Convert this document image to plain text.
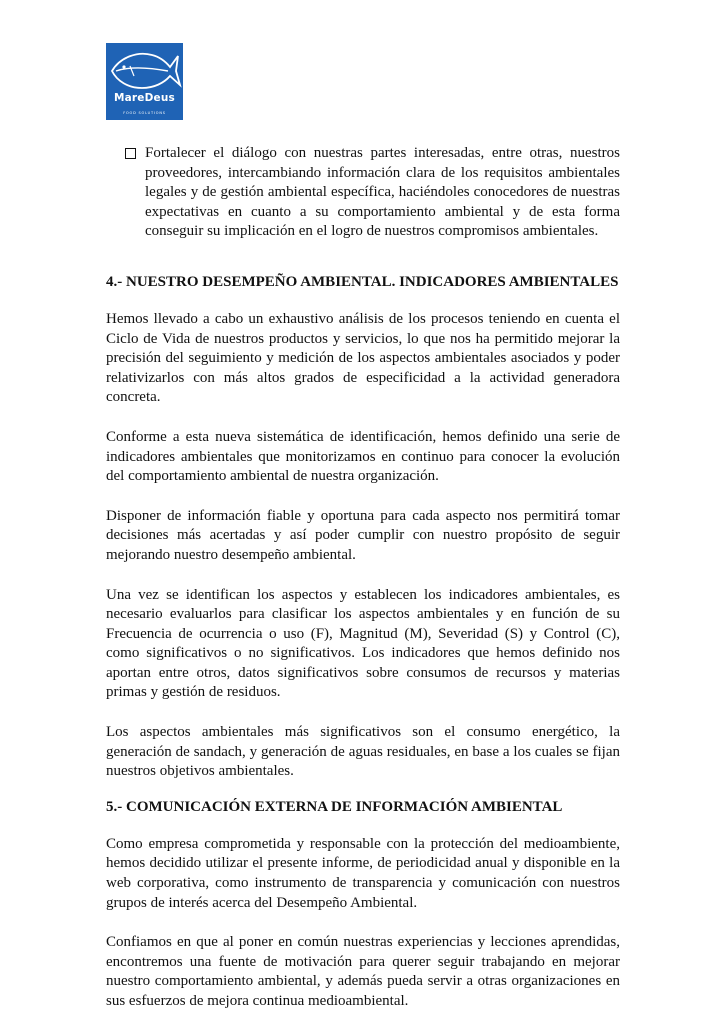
MareDeus
FOOD SOLUTIONS

Fortalecer el diálogo con nuestras partes interesadas, entre otras, nuestros proveedores, intercambiando información clara de los requisitos ambientales legales y de gestión ambiental específica, haciéndoles conocedores de nuestras expectativas en cuanto a su comportamiento ambiental y de esta forma conseguir su implicación en el logro de nuestros compromisos ambientales.

4.- NUESTRO DESEMPEÑO AMBIENTAL. INDICADORES AMBIENTALES

Hemos llevado a cabo un exhaustivo análisis de los procesos teniendo en cuenta el Ciclo de Vida de nuestros productos y servicios, lo que nos ha permitido mejorar la precisión del seguimiento y medición de los aspectos ambientales asociados y poder relativizarlos con más altos grados de especificidad a la actividad generadora concreta.

Conforme a esta nueva sistemática de identificación, hemos definido una serie de indicadores ambientales que monitorizamos en continuo para conocer la evolución del comportamiento ambiental de nuestra organización.

Disponer de información fiable y oportuna para cada aspecto nos permitirá tomar decisiones más acertadas y así poder cumplir con nuestro propósito de seguir mejorando nuestro desempeño ambiental.

Una vez se identifican los aspectos y establecen los indicadores ambientales, es necesario evaluarlos para clasificar los aspectos ambientales y en función de su Frecuencia de ocurrencia o uso (F), Magnitud (M), Severidad (S) y Control (C), como significativos o no significativos. Los indicadores que hemos definido nos aportan entre otros, datos significativos sobre consumos de recursos y materias primas y gestión de residuos.

Los aspectos ambientales más significativos son el consumo energético, la generación de sandach, y generación de aguas residuales, en base a los cuales se fijan nuestros objetivos ambientales.

5.- COMUNICACIÓN EXTERNA DE INFORMACIÓN AMBIENTAL

Como empresa comprometida y responsable con la protección del medioambiente, hemos decidido utilizar el presente informe, de periodicidad anual y disponible en la web corporativa, como instrumento de transparencia y comunicación con nuestros grupos de interés acerca del Desempeño Ambiental.

Confiamos en que al poner en común nuestras experiencias y lecciones aprendidas, encontremos una fuente de motivación para querer seguir trabajando en mejorar nuestro comportamiento ambiental, y además pueda servir a otras organizaciones en sus esfuerzos de mejora continua medioambiental.
